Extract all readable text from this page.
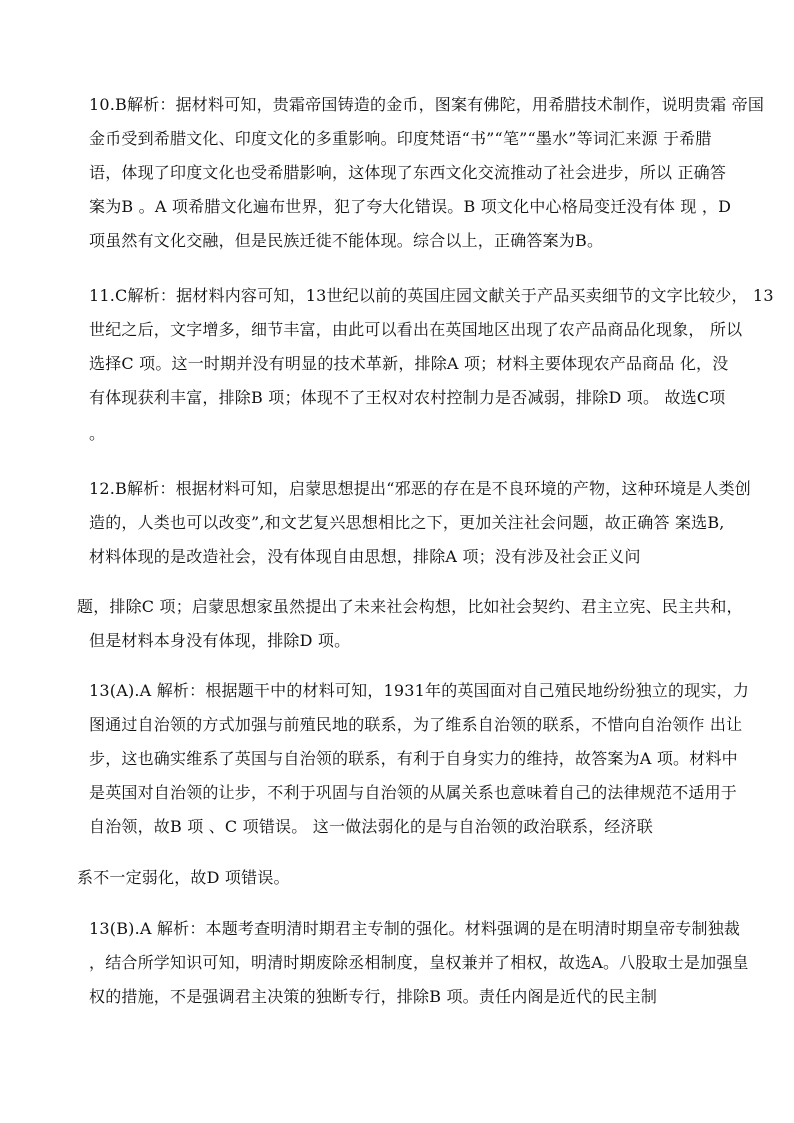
10.B解析：据材料可知，贵霜帝国铸造的金币，图案有佛陀，用希腊技术制作，说明贵霜 帝国
金币受到希腊文化、印度文化的多重影响。印度梵语“书”“笔”“墨水”等词汇来源 于希腊
语，体现了印度文化也受希腊影响，这体现了东西文化交流推动了社会进步，所以 正确答
案为B 。A 项希腊文化遍布世界，犯了夸大化错误。B 项文化中心格局变迁没有体 现 ，D
项虽然有文化交融，但是民族迁徙不能体现。综合以上，正确答案为B。
11.C解析：据材料内容可知，13世纪以前的英国庄园文献关于产品买卖细节的文字比较少， 13
世纪之后，文字增多，细节丰富，由此可以看出在英国地区出现了农产品商品化现象， 所以
选择C 项。这一时期并没有明显的技术革新，排除A 项；材料主要体现农产品商品 化，没
有体现获利丰富，排除B 项；体现不了王权对农村控制力是否减弱，排除D 项。 故选C项
。
12.B解析：根据材料可知，启蒙思想提出“邪恶的存在是不良环境的产物，这种环境是人类创
造的，人类也可以改变”,和文艺复兴思想相比之下，更加关注社会问题，故正确答 案选B,
材料体现的是改造社会，没有体现自由思想，排除A 项；没有涉及社会正义问
题，排除C 项；启蒙思想家虽然提出了未来社会构想，比如社会契约、君主立宪、民主共和，
但是材料本身没有体现，排除D 项。
13(A).A 解析：根据题干中的材料可知，1931年的英国面对自己殖民地纷纷独立的现实，力
图通过自治领的方式加强与前殖民地的联系，为了维系自治领的联系，不惜向自治领作 出让
步，这也确实维系了英国与自治领的联系，有利于自身实力的维持，故答案为A 项。材料中
是英国对自治领的让步，不利于巩固与自治领的从属关系也意味着自己的法律规范不适用于
自治领，故B 项 、C 项错误。 这一做法弱化的是与自治领的政治联系，经济联
系不一定弱化，故D 项错误。
13(B).A 解析：本题考查明清时期君主专制的强化。材料强调的是在明清时期皇帝专制独裁
，结合所学知识可知，明清时期废除丞相制度，皇权兼并了相权，故选A。八股取士是加强皇
权的措施，不是强调君主决策的独断专行，排除B 项。责任内阁是近代的民主制
